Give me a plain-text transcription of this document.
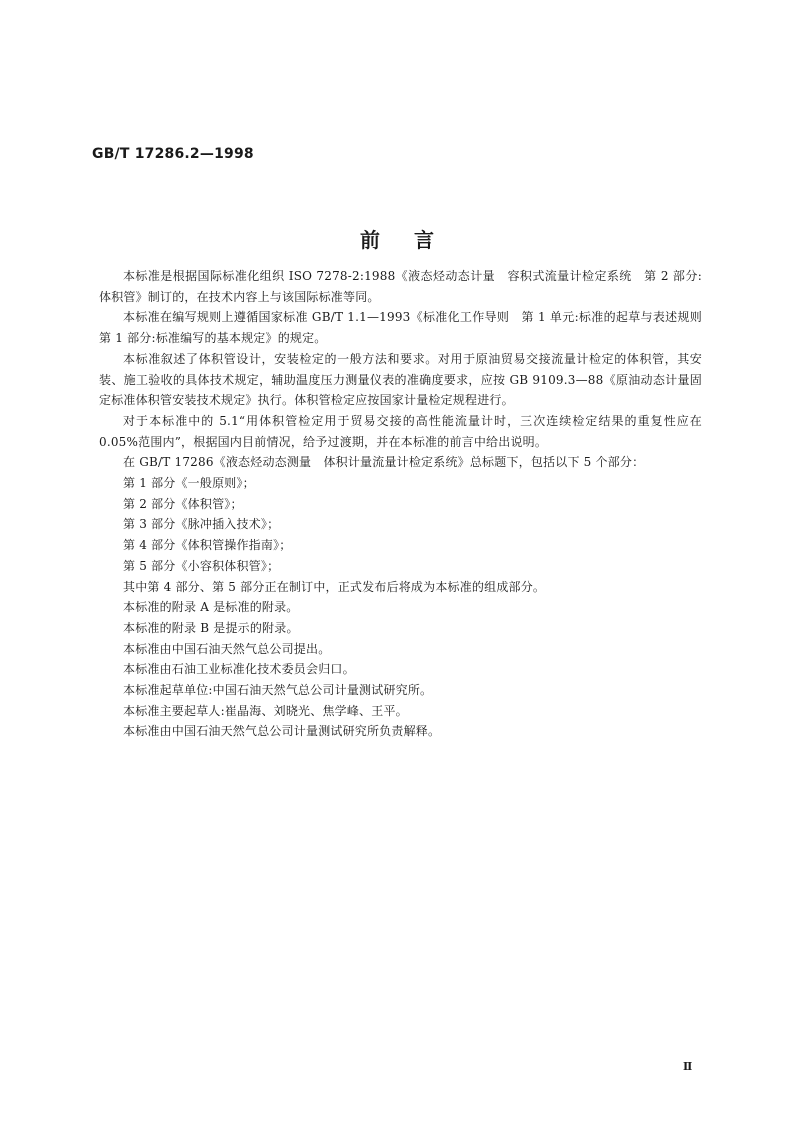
GB/T 17286.2—1998
前言

本标准是根据国际标准化组织 ISO 7278-2:1988《液态烃动态计量　容积式流量计检定系统　第 2 部分:体积管》制订的，在技术内容上与该国际标准等同。

本标准在编写规则上遵循国家标准 GB/T 1.1—1993《标准化工作导则　第 1 单元:标准的起草与表述规则　第 1 部分:标准编写的基本规定》的规定。

本标准叙述了体积管设计，安装检定的一般方法和要求。对用于原油贸易交接流量计检定的体积管，其安装、施工验收的具体技术规定，辅助温度压力测量仪表的准确度要求，应按 GB 9109.3—88《原油动态计量固定标准体积管安装技术规定》执行。体积管检定应按国家计量检定规程进行。

对于本标准中的 5.1“用体积管检定用于贸易交接的高性能流量计时，三次连续检定结果的重复性应在 0.05%范围内”，根据国内目前情况，给予过渡期，并在本标准的前言中给出说明。

在 GB/T 17286《液态烃动态测量　体积计量流量计检定系统》总标题下，包括以下 5 个部分：

第 1 部分《一般原则》；

第 2 部分《体积管》；

第 3 部分《脉冲插入技术》；

第 4 部分《体积管操作指南》；

第 5 部分《小容积体积管》；

其中第 4 部分、第 5 部分正在制订中，正式发布后将成为本标准的组成部分。

本标准的附录 A 是标准的附录。

本标准的附录 B 是提示的附录。

本标准由中国石油天然气总公司提出。

本标准由石油工业标准化技术委员会归口。

本标准起草单位:中国石油天然气总公司计量测试研究所。

本标准主要起草人:崔晶海、刘晓光、焦学峰、王平。

本标准由中国石油天然气总公司计量测试研究所负责解释。

Ⅱ
